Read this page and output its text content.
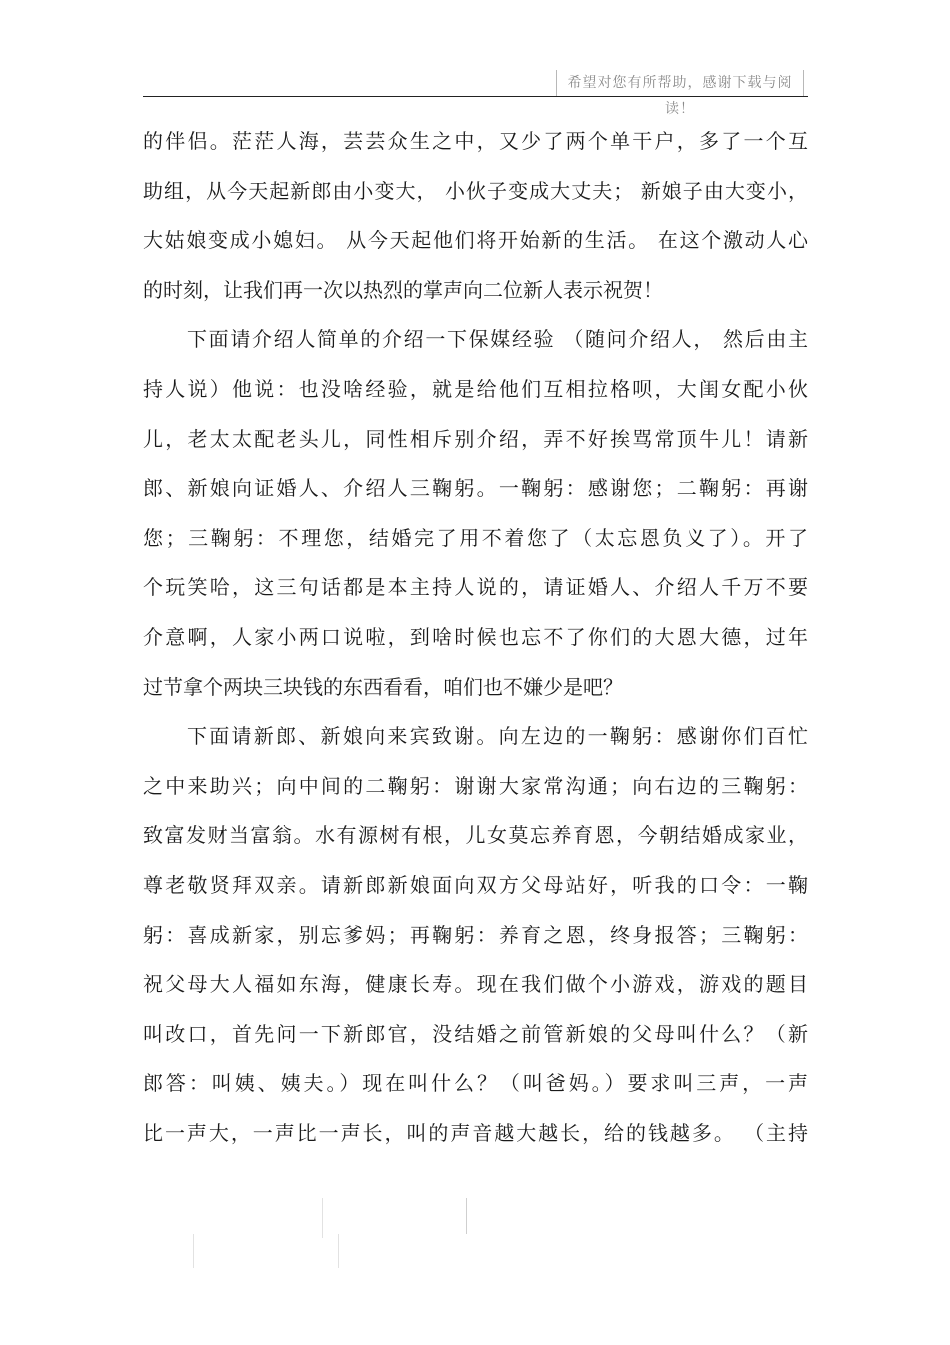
希望对您有所帮助，感谢下载与阅读！
的伴侣。茫茫人海，芸芸众生之中，又少了两个单干户，多了一个互
助组，从今天起新郎由小变大， 小伙子变成大丈夫； 新娘子由大变小，
大姑娘变成小媳妇。 从今天起他们将开始新的生活。 在这个激动人心
的时刻，让我们再一次以热烈的掌声向二位新人表示祝贺！
下面请介绍人简单的介绍一下保媒经验 （随问介绍人， 然后由主
持人说）他说：也没啥经验，就是给他们互相拉格呗，大闺女配小伙
儿，老太太配老头儿，同性相斥别介绍，弄不好挨骂常顶牛儿！请新
郎、新娘向证婚人、介绍人三鞠躬。一鞠躬：感谢您；二鞠躬：再谢
您；三鞠躬：不理您，结婚完了用不着您了（太忘恩负义了）。开了
个玩笑哈，这三句话都是本主持人说的，请证婚人、介绍人千万不要
介意啊，人家小两口说啦，到啥时候也忘不了你们的大恩大德，过年
过节拿个两块三块钱的东西看看，咱们也不嫌少是吧？
下面请新郎、新娘向来宾致谢。向左边的一鞠躬：感谢你们百忙
之中来助兴；向中间的二鞠躬：谢谢大家常沟通；向右边的三鞠躬：
致富发财当富翁。水有源树有根，儿女莫忘养育恩，今朝结婚成家业，
尊老敬贤拜双亲。请新郎新娘面向双方父母站好，听我的口令：一鞠
躬：喜成新家，别忘爹妈；再鞠躬：养育之恩，终身报答；三鞠躬：
祝父母大人福如东海，健康长寿。现在我们做个小游戏，游戏的题目
叫改口，首先问一下新郎官，没结婚之前管新娘的父母叫什么？（新
郎答：叫姨、姨夫。）现在叫什么？（叫爸妈。）要求叫三声，一声
比一声大，一声比一声长，叫的声音越大越长，给的钱越多。 （主持
